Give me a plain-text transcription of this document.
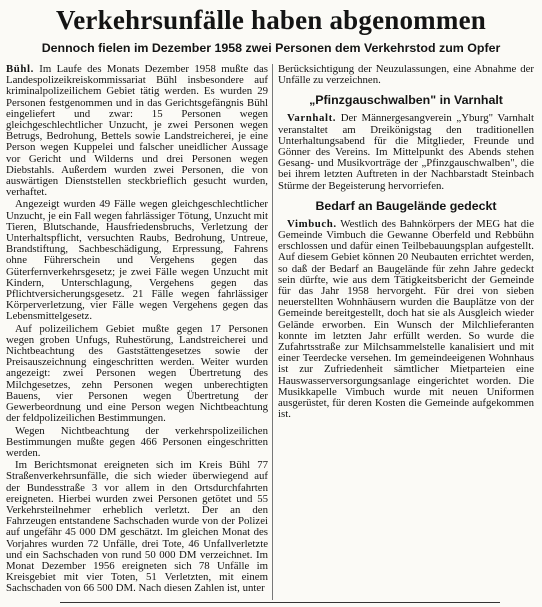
Verkehrsunfälle haben abgenommen
Dennoch fielen im Dezember 1958 zwei Personen dem Verkehrstod zum Opfer

Bühl. Im Laufe des Monats Dezember 1958 mußte das Landespolizeikreiskommissariat Bühl insbesondere auf kriminalpolizeilichem Gebiet tätig werden. Es wurden 29 Personen festgenommen und in das Gerichtsgefängnis Bühl eingeliefert und zwar: 15 Personen wegen gleichgeschlechtlicher Unzucht, je zwei Personen wegen Betrugs, Bedrohung, Bettels sowie Landstreicherei, je eine Person wegen Kuppelei und falscher uneidlicher Aussage vor Gericht und Wilderns und drei Personen wegen Diebstahls. Außerdem wurden zwei Personen, die von auswärtigen Dienststellen steckbrieflich gesucht wurden, verhaftet.

Angezeigt wurden 49 Fälle wegen gleichgeschlechtlicher Unzucht, je ein Fall wegen fahrlässiger Tötung, Unzucht mit Tieren, Blutschande, Hausfriedensbruchs, Verletzung der Unterhaltspflicht, versuchten Raubs, Bedrohung, Untreue, Brandstiftung, Sachbeschädigung, Erpressung, Fahrens ohne Führerschein und Vergehens gegen das Güterfernverkehrsgesetz; je zwei Fälle wegen Unzucht mit Kindern, Unterschlagung, Vergehens gegen das Pflichtversicherungsgesetz. 21 Fälle wegen fahrlässiger Körperverletzung, vier Fälle wegen Vergehens gegen das Lebensmittelgesetz.

Auf polizeilichem Gebiet mußte gegen 17 Personen wegen groben Unfugs, Ruhestörung, Landstreicherei und Nichtbeachtung des Gaststättengesetzes sowie der Preisauszeichnung eingeschritten werden. Weiter wurden angezeigt: zwei Personen wegen Übertretung des Milchgesetzes, zehn Personen wegen unberechtigten Bauens, vier Personen wegen Übertretung der Gewerbeordnung und eine Person wegen Nichtbeachtung der feldpolizeilichen Bestimmungen.

Wegen Nichtbeachtung der verkehrspolizeilichen Bestimmungen mußte gegen 466 Personen eingeschritten werden.

Im Berichtsmonat ereigneten sich im Kreis Bühl 77 Straßenverkehrsunfälle, die sich wieder überwiegend auf der Bundesstraße 3 vor allem in den Ortsdurchfahrten ereigneten. Hierbei wurden zwei Personen getötet und 55 Verkehrsteilnehmer erheblich verletzt. Der an den Fahrzeugen entstandene Sachschaden wurde von der Polizei auf ungefähr 45 000 DM geschätzt. Im gleichen Monat des Vorjahres wurden 72 Unfälle, drei Tote, 46 Unfallverletzte und ein Sachschaden von rund 50 000 DM verzeichnet. Im Monat Dezember 1956 ereigneten sich 78 Unfälle im Kreisgebiet mit vier Toten, 51 Verletzten, mit einem Sachschaden von 66 500 DM. Nach diesen Zahlen ist, unter

Berücksichtigung der Neuzulassungen, eine Abnahme der Unfälle zu verzeichnen.

„Pfinzgauschwalben" in Varnhalt

Varnhalt. Der Männergesangverein „Yburg" Varnhalt veranstaltet am Dreikönigstag den traditionellen Unterhaltungsabend für die Mitglieder, Freunde und Gönner des Vereins. Im Mittelpunkt des Abends stehen Gesang- und Musikvorträge der „Pfinzgauschwalben", die bei ihrem letzten Auftreten in der Nachbarstadt Steinbach Stürme der Begeisterung hervorriefen.

Bedarf an Baugelände gedeckt

Vimbuch. Westlich des Bahnkörpers der MEG hat die Gemeinde Vimbuch die Gewanne Oberfeld und Rebbühn erschlossen und dafür einen Teilbebauungsplan aufgestellt. Auf diesem Gebiet können 20 Neubauten errichtet werden, so daß der Bedarf an Baugelände für zehn Jahre gedeckt sein dürfte, wie aus dem Tätigkeitsbericht der Gemeinde für das Jahr 1958 hervorgeht. Für drei von sieben neuerstellten Wohnhäusern wurden die Bauplätze von der Gemeinde bereitgestellt, doch hat sie als Ausgleich wieder Gelände erworben. Ein Wunsch der Milchlieferanten konnte im letzten Jahr erfüllt werden. So wurde die Zufahrtsstraße zur Milchsammelstelle kanalisiert und mit einer Teerdecke versehen. Im gemeindeeigenen Wohnhaus ist zur Zufriedenheit sämtlicher Mietparteien eine Hauswasserversorgungsanlage eingerichtet worden. Die Musikkapelle Vimbuch wurde mit neuen Uniformen ausgerüstet, für deren Kosten die Gemeinde aufgekommen ist.
